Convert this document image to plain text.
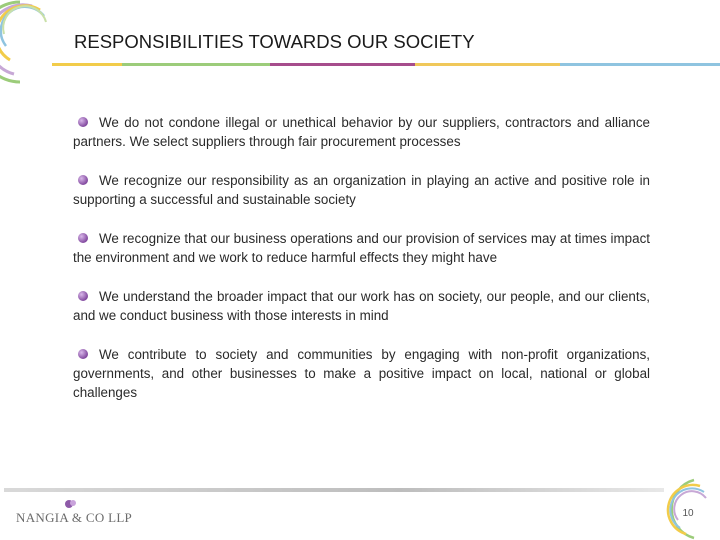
RESPONSIBILITIES TOWARDS OUR SOCIETY
We do not condone illegal or unethical behavior by our suppliers, contractors and alliance partners. We select suppliers through fair procurement processes
We recognize our responsibility as an organization in playing an active and positive role in supporting a successful and sustainable society
We recognize that our business operations and our provision of services may at times impact the environment and we work to reduce harmful effects they might have
We understand the broader impact that our work has on society, our people, and our clients, and we conduct business with those interests in mind
We contribute to society and communities by engaging with non-profit organizations, governments, and other businesses to make a positive impact on local, national or global challenges
NANGIA & CO LLP	10
